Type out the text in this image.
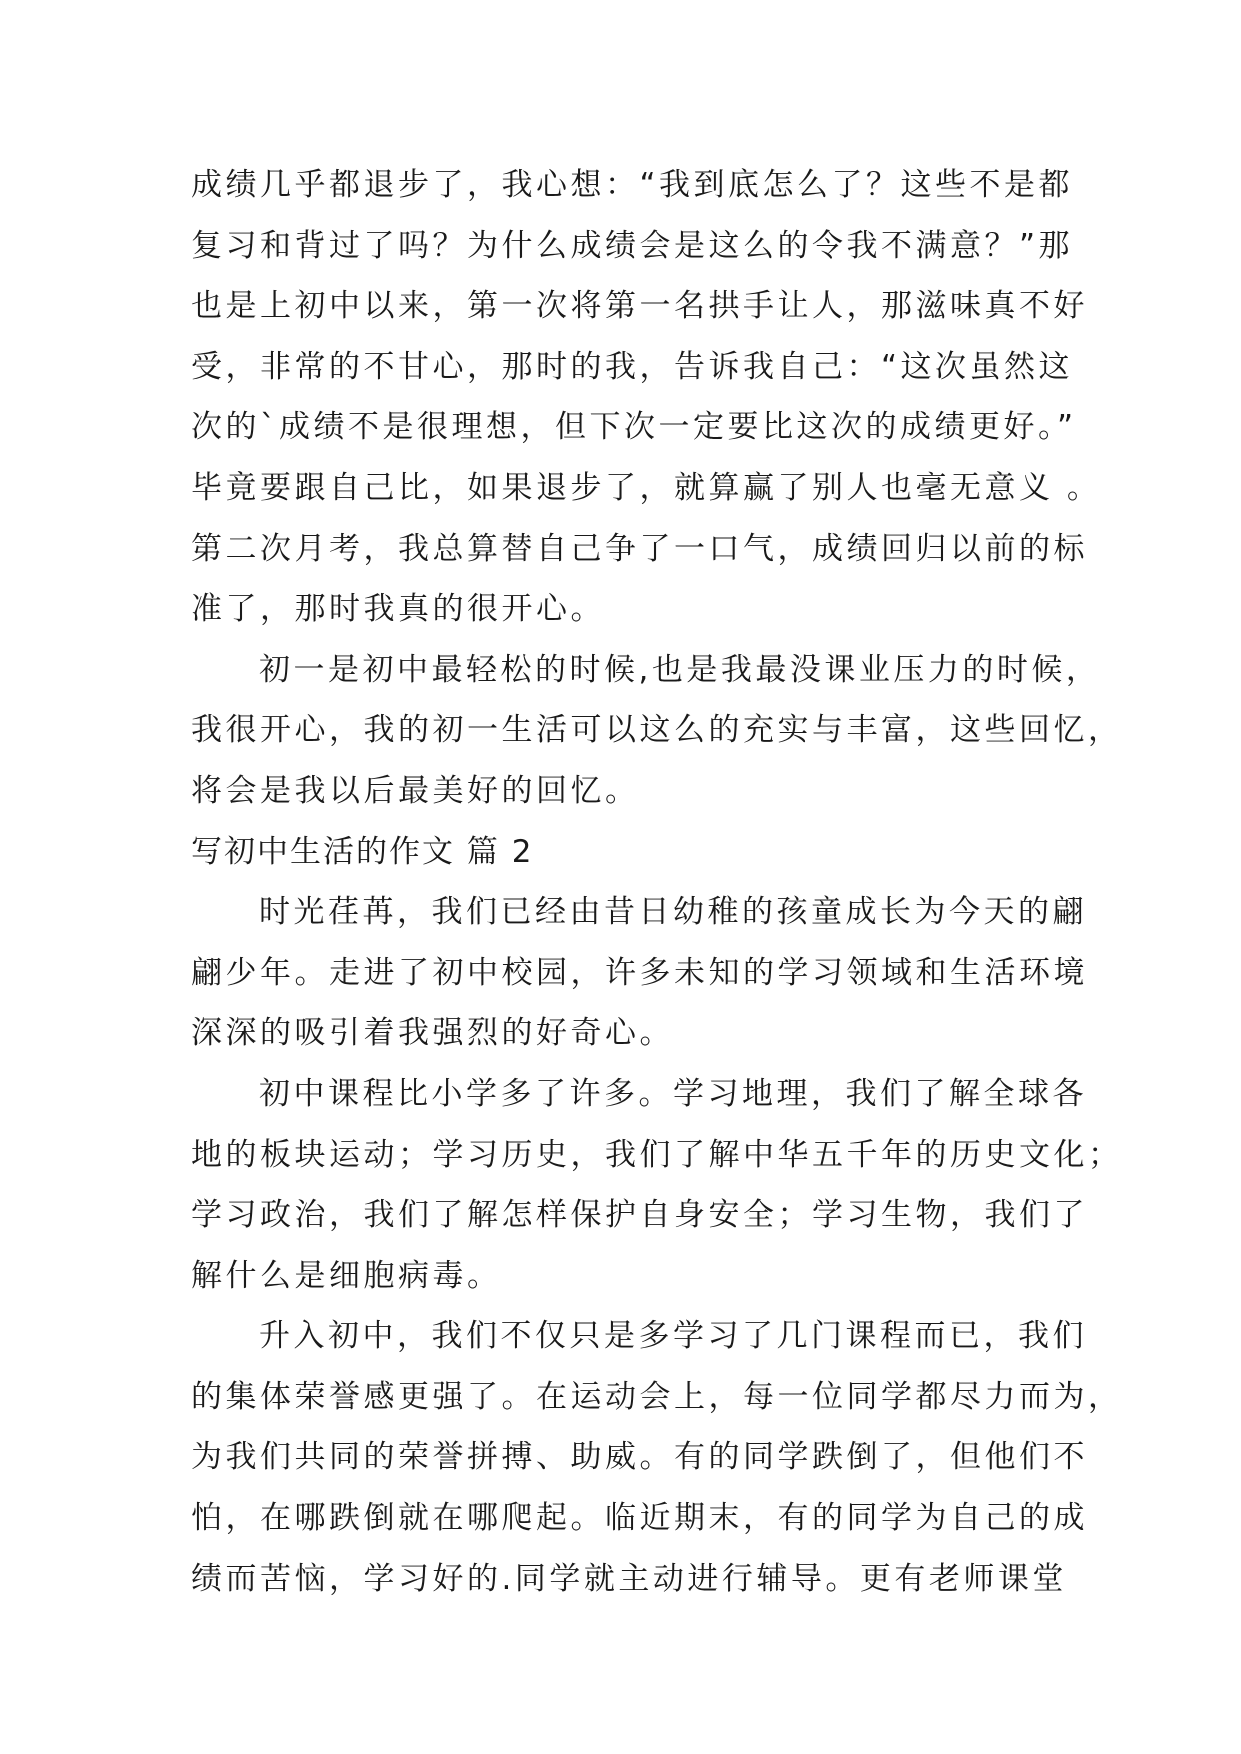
成绩几乎都退步了，我心想：“我到底怎么了？这些不是都
复习和背过了吗？为什么成绩会是这么的令我不满意？”那
也是上初中以来，第一次将第一名拱手让人，那滋味真不好
受，非常的不甘心，那时的我，告诉我自己：“这次虽然这
次的`成绩不是很理想，但下次一定要比这次的成绩更好。”
毕竟要跟自己比，如果退步了，就算赢了别人也毫无意义 。
第二次月考，我总算替自己争了一口气，成绩回归以前的标
准了，那时我真的很开心。
初一是初中最轻松的时候,也是我最没课业压力的时候，
我很开心，我的初一生活可以这么的充实与丰富，这些回忆，
将会是我以后最美好的回忆。
写初中生活的作文 篇 2
时光荏苒，我们已经由昔日幼稚的孩童成长为今天的翩
翩少年。走进了初中校园，许多未知的学习领域和生活环境
深深的吸引着我强烈的好奇心。
初中课程比小学多了许多。学习地理，我们了解全球各
地的板块运动；学习历史，我们了解中华五千年的历史文化；
学习政治，我们了解怎样保护自身安全；学习生物，我们了
解什么是细胞病毒。
升入初中，我们不仅只是多学习了几门课程而已，我们
的集体荣誉感更强了。在运动会上，每一位同学都尽力而为，
为我们共同的荣誉拼搏、助威。有的同学跌倒了，但他们不
怕，在哪跌倒就在哪爬起。临近期末，有的同学为自己的成
绩而苦恼，学习好的.同学就主动进行辅导。更有老师课堂
